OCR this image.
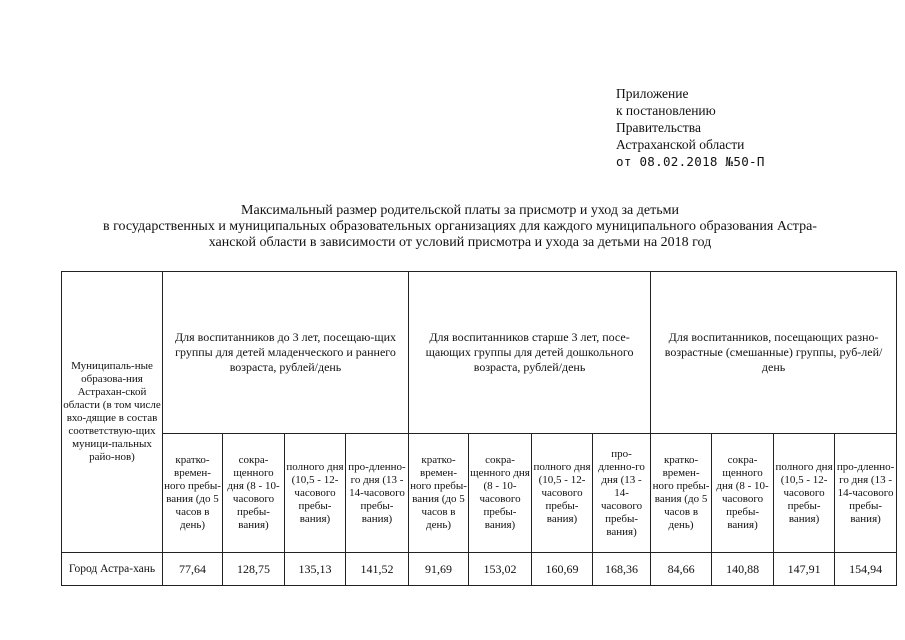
Приложение
к постановлению
Правительства
Астраханской области
от 08.02.2018 №50-П
Максимальный размер родительской платы за присмотр и уход за детьми
в государственных и муниципальных образовательных организациях для каждого муниципального образования Астра-
ханской области в зависимости от условий присмотра и ухода за детьми на 2018 год
Муниципаль-ные образова-ния Астрахан-ской области (в том числе вхо-дящие в состав соответствую-щих муници-пальных райо-нов)	Для воспитанников до 3 лет, посещаю-щих группы для детей младенческого и раннего возраста, рублей/день				Для воспитанников старше 3 лет, посе-щающих группы для детей дошкольного возраста, рублей/день				Для воспитанников, посещающих разно-возрастные (смешанные) группы, руб-лей/день			
	кратко-времен-ного пребы-вания (до 5 часов в день)	сокра-щенного дня (8 - 10-часового пребы-вания)	полного дня (10,5 - 12-часового пребы-вания)	про-дленно-го дня (13 - 14-часового пребы-вания)	кратко-времен-ного пребы-вания (до 5 часов в день)	сокра-щенного дня (8 - 10-часового пребы-вания)	полного дня (10,5 - 12-часового пребы-вания)	про-дленно-го дня (13 - 14-часового пребы-вания)	кратко-времен-ного пребы-вания (до 5 часов в день)	сокра-щенного дня (8 - 10-часового пребы-вания)	полного дня (10,5 - 12-часового пребы-вания)	про-дленно-го дня (13 - 14-часового пребы-вания)
Город Астра-хань	77,64	128,75	135,13	141,52	91,69	153,02	160,69	168,36	84,66	140,88	147,91	154,94
